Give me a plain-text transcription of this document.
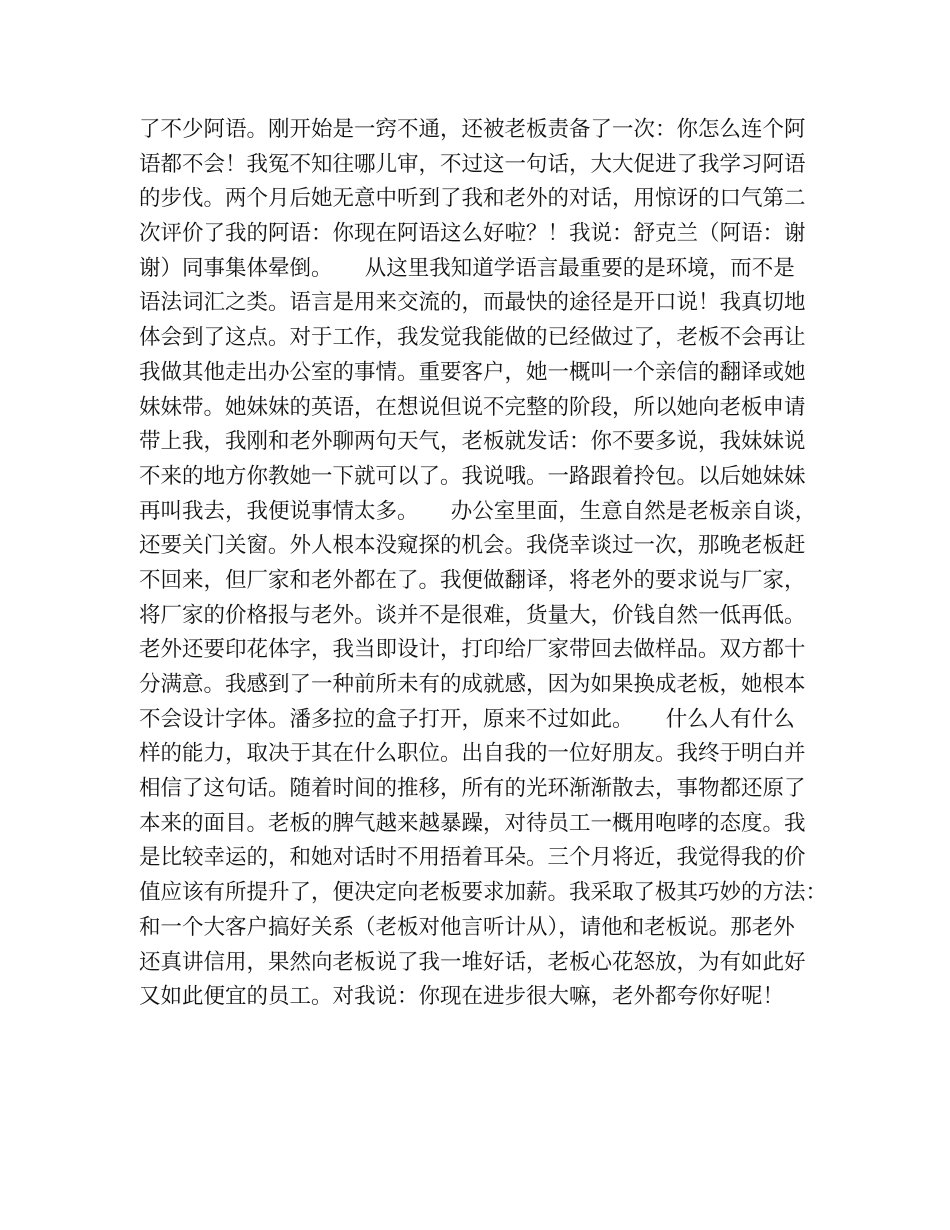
了不少阿语。刚开始是一窍不通，还被老板责备了一次：你怎么连个阿
语都不会！我冤不知往哪儿审，不过这一句话，大大促进了我学习阿语
的步伐。两个月后她无意中听到了我和老外的对话，用惊讶的口气第二
次评价了我的阿语：你现在阿语这么好啦？！我说：舒克兰（阿语：谢
谢）同事集体晕倒。　　从这里我知道学语言最重要的是环境，而不是
语法词汇之类。语言是用来交流的，而最快的途径是开口说！我真切地
体会到了这点。对于工作，我发觉我能做的已经做过了，老板不会再让
我做其他走出办公室的事情。重要客户，她一概叫一个亲信的翻译或她
妹妹带。她妹妹的英语，在想说但说不完整的阶段，所以她向老板申请
带上我，我刚和老外聊两句天气，老板就发话：你不要多说，我妹妹说
不来的地方你教她一下就可以了。我说哦。一路跟着拎包。以后她妹妹
再叫我去，我便说事情太多。　　办公室里面，生意自然是老板亲自谈，
还要关门关窗。外人根本没窥探的机会。我侥幸谈过一次，那晚老板赶
不回来，但厂家和老外都在了。我便做翻译，将老外的要求说与厂家，
将厂家的价格报与老外。谈并不是很难，货量大，价钱自然一低再低。
老外还要印花体字，我当即设计，打印给厂家带回去做样品。双方都十
分满意。我感到了一种前所未有的成就感，因为如果换成老板，她根本
不会设计字体。潘多拉的盒子打开，原来不过如此。　　什么人有什么
样的能力，取决于其在什么职位。出自我的一位好朋友。我终于明白并
相信了这句话。随着时间的推移，所有的光环渐渐散去，事物都还原了
本来的面目。老板的脾气越来越暴躁，对待员工一概用咆哮的态度。我
是比较幸运的，和她对话时不用捂着耳朵。三个月将近，我觉得我的价
值应该有所提升了，便决定向老板要求加薪。我采取了极其巧妙的方法：
和一个大客户搞好关系（老板对他言听计从），请他和老板说。那老外
还真讲信用，果然向老板说了我一堆好话，老板心花怒放，为有如此好
又如此便宜的员工。对我说：你现在进步很大嘛，老外都夸你好呢！
